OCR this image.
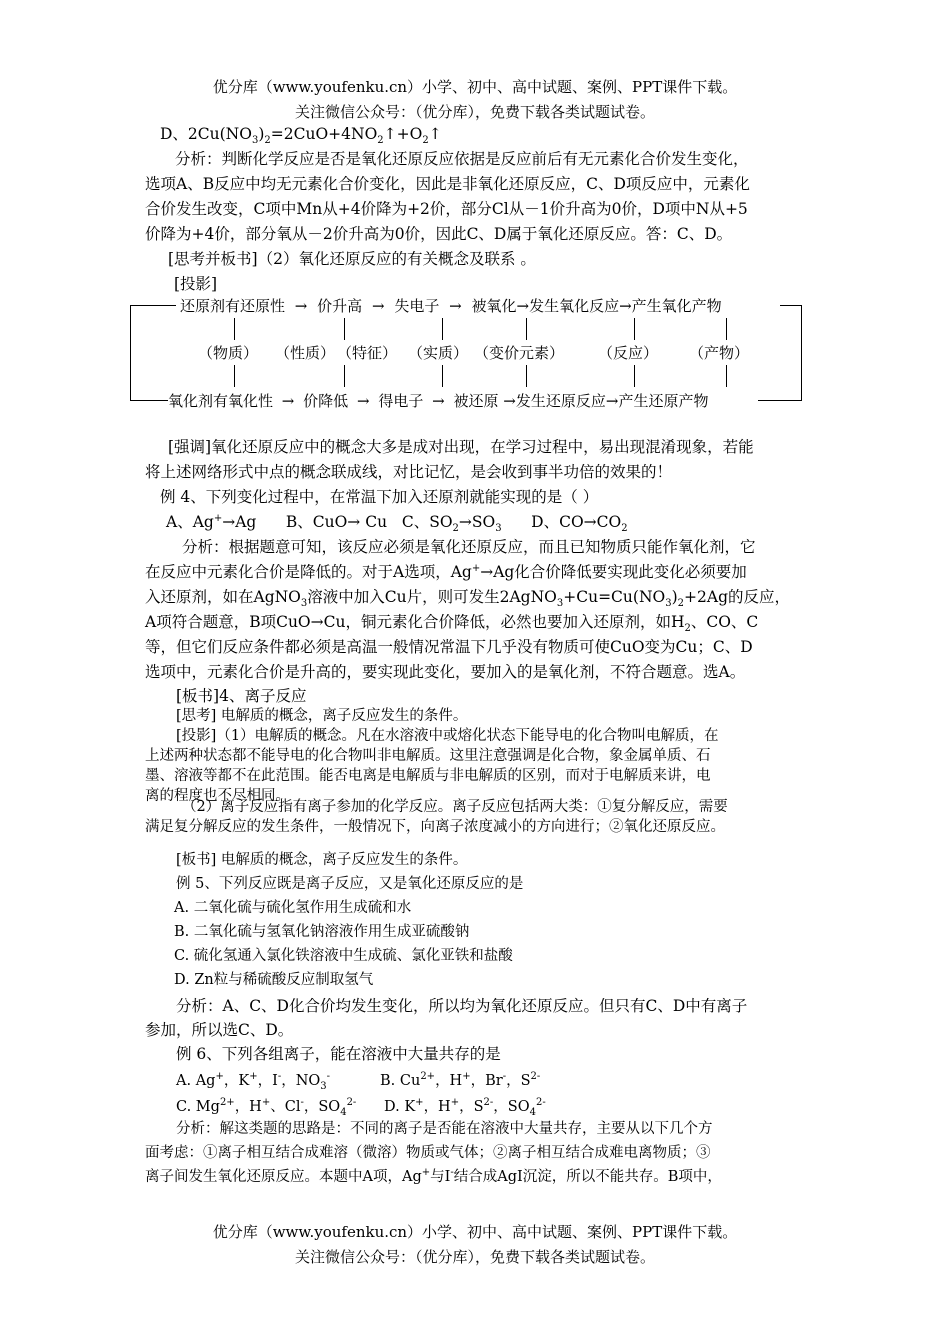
优分库（www.youfenku.cn）小学、初中、高中试题、案例、PPT课件下载。
关注微信公众号：（优分库），免费下载各类试题试卷。
D、$2Cu(NO_3)_2=2CuO+4NO_2↑+O_2↑$
分析：判断化学反应是否是氧化还原反应依据是反应前后有无元素化合价发生变化，
选项A、B反应中均无元素化合价变化，因此是非氧化还原反应，C、D项反应中，元素化
合价发生改变，C项中Mn从+4价降为+2价，部分Cl从－1价升高为0价，D项中N从+5
价降为+4价，部分氧从－2价升高为0价，因此C、D属于氧化还原反应。答：C、D。
[思考并板书]（2）氧化还原反应的有关概念及联系 。
[投影]
还原剂有还原性 → 价升高 → 失电子 → 被氧化→发生氧化反应→产生氧化产物
（物质） （性质） （特征） （实质） （变价元素） （反应） （产物）
氧化剂有氧化性 → 价降低 → 得电子 → 被还原 →发生还原反应→产生还原产物
[强调]氧化还原反应中的概念大多是成对出现，在学习过程中，易出现混淆现象，若能
将上述网络形式中点的概念联成线，对比记忆，是会收到事半功倍的效果的！
例 4、下列变化过程中，在常温下加入还原剂就能实现的是（ ）
A、Ag+→Ag      B、CuO→ Cu   C、$SO_2\to SO_3$      D、$CO\to CO_2$
分析：根据题意可知，该反应必须是氧化还原反应，而且已知物质只能作氧化剂，它
在反应中元素化合价是降低的。对于A选项，Ag+→Ag化合价降低要实现此变化必须要加
入还原剂，如在AgNO$_3$溶液中加入Cu片，则可发生$2AgNO_3+Cu=Cu(NO_3)_2+2Ag$的反应，
A项符合题意，B项CuO→Cu，铜元素化合价降低，必然也要加入还原剂，如$H_2$、CO、C
等，但它们反应条件都必须是高温一般情况常温下几乎没有物质可使CuO变为Cu；C、D
选项中，元素化合价是升高的，要实现此变化，要加入的是氧化剂，不符合题意。选A。
[板书]4、离子反应
[思考] 电解质的概念，离子反应发生的条件。
[投影]（1）电解质的概念。凡在水溶液中或熔化状态下能导电的化合物叫电解质，在
上述两种状态都不能导电的化合物叫非电解质。这里注意强调是化合物，象金属单质、石
墨、溶液等都不在此范围。能否电离是电解质与非电解质的区别，而对于电解质来讲，电
离的程度也不尽相同。
（2）离子反应指有离子参加的化学反应。离子反应包括两大类：①复分解反应，需要
满足复分解反应的发生条件，一般情况下，向离子浓度减小的方向进行；②氧化还原反应。
[板书] 电解质的概念，离子反应发生的条件。
例 5、下列反应既是离子反应，又是氧化还原反应的是
A. 二氧化硫与硫化氢作用生成硫和水
B. 二氧化硫与氢氧化钠溶液作用生成亚硫酸钠
C. 硫化氢通入氯化铁溶液中生成硫、氯化亚铁和盐酸
D. Zn粒与稀硫酸反应制取氢气
分析：A、C、D化合价均发生变化，所以均为氧化还原反应。但只有C、D中有离子
参加，所以选C、D。
例 6、下列各组离子，能在溶液中大量共存的是
A. Ag+，K+，I-，$NO_3^-$	B. $Cu^{2+}$，H+，Br-，$S^{2-}$
C. $Mg^{2+}$，H+、Cl-，$SO_4^{2-}$ D. K+，H+，$S^{2-}$，$SO_4^{2-}$
分析：解这类题的思路是：不同的离子是否能在溶液中大量共存，主要从以下几个方
面考虑：①离子相互结合成难溶（微溶）物质或气体；②离子相互结合成难电离物质；③
离子间发生氧化还原反应。本题中A项，Ag+与I-结合成AgI沉淀，所以不能共存。B项中，
优分库（www.youfenku.cn）小学、初中、高中试题、案例、PPT课件下载。
关注微信公众号：（优分库），免费下载各类试题试卷。
